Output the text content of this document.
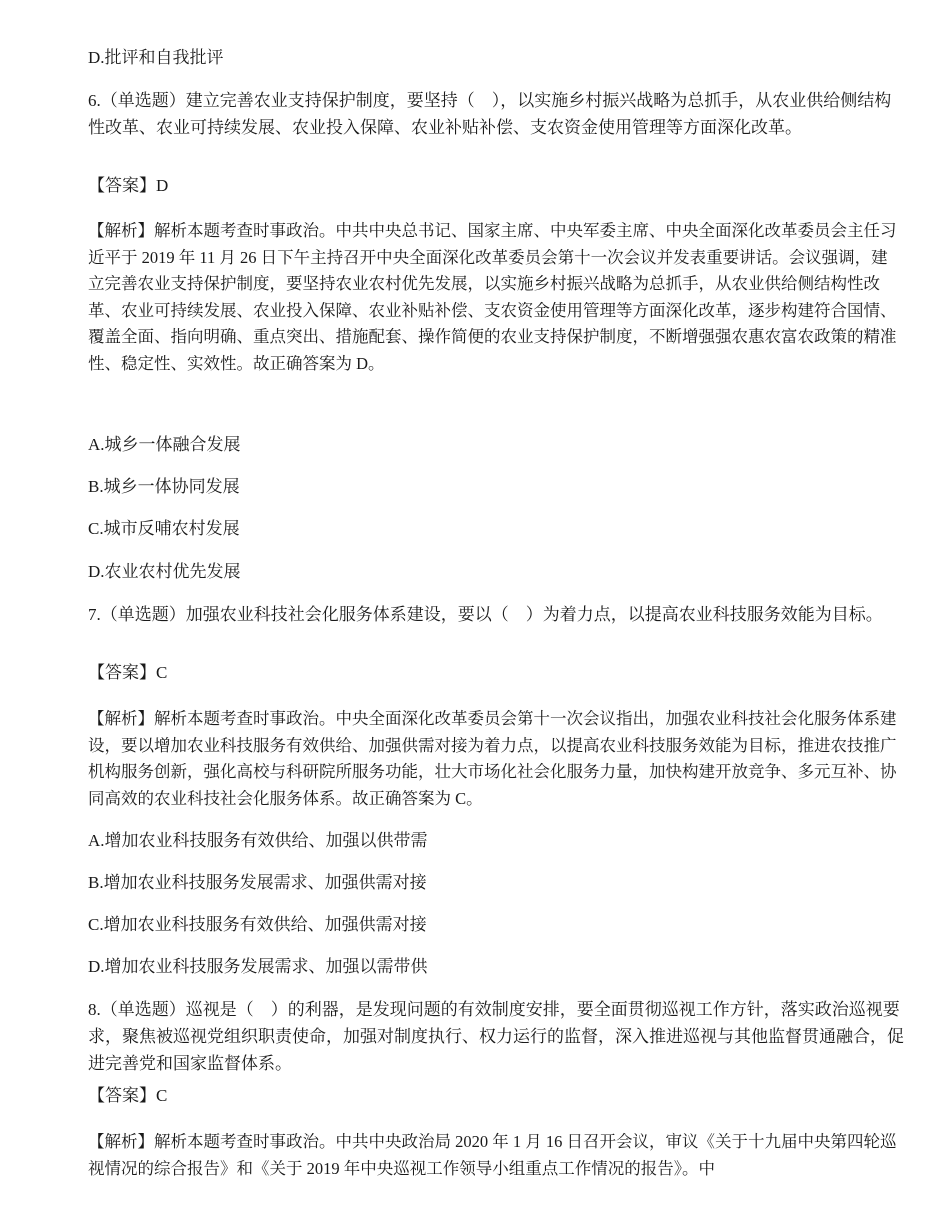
D.批评和自我批评
6.（单选题）建立完善农业支持保护制度，要坚持（　），以实施乡村振兴战略为总抓手，从农业供给侧结构性改革、农业可持续发展、农业投入保障、农业补贴补偿、支农资金使用管理等方面深化改革。
【答案】D
【解析】解析本题考查时事政治。中共中央总书记、国家主席、中央军委主席、中央全面深化改革委员会主任习近平于 2019 年 11 月 26 日下午主持召开中央全面深化改革委员会第十一次会议并发表重要讲话。会议强调，建立完善农业支持保护制度，要坚持农业农村优先发展，以实施乡村振兴战略为总抓手，从农业供给侧结构性改革、农业可持续发展、农业投入保障、农业补贴补偿、支农资金使用管理等方面深化改革，逐步构建符合国情、覆盖全面、指向明确、重点突出、措施配套、操作简便的农业支持保护制度，不断增强强农惠农富农政策的精准性、稳定性、实效性。故正确答案为 D。
A.城乡一体融合发展
B.城乡一体协同发展
C.城市反哺农村发展
D.农业农村优先发展
7.（单选题）加强农业科技社会化服务体系建设，要以（　）为着力点，以提高农业科技服务效能为目标。
【答案】C
【解析】解析本题考查时事政治。中央全面深化改革委员会第十一次会议指出，加强农业科技社会化服务体系建设，要以增加农业科技服务有效供给、加强供需对接为着力点，以提高农业科技服务效能为目标，推进农技推广机构服务创新，强化高校与科研院所服务功能，壮大市场化社会化服务力量，加快构建开放竞争、多元互补、协同高效的农业科技社会化服务体系。故正确答案为 C。
A.增加农业科技服务有效供给、加强以供带需
B.增加农业科技服务发展需求、加强供需对接
C.增加农业科技服务有效供给、加强供需对接
D.增加农业科技服务发展需求、加强以需带供
8.（单选题）巡视是（　）的利器，是发现问题的有效制度安排，要全面贯彻巡视工作方针，落实政治巡视要求，聚焦被巡视党组织职责使命，加强对制度执行、权力运行的监督，深入推进巡视与其他监督贯通融合，促进完善党和国家监督体系。
【答案】C
【解析】解析本题考查时事政治。中共中央政治局 2020 年 1 月 16 日召开会议，审议《关于十九届中央第四轮巡视情况的综合报告》和《关于 2019 年中央巡视工作领导小组重点工作情况的报告》。中
